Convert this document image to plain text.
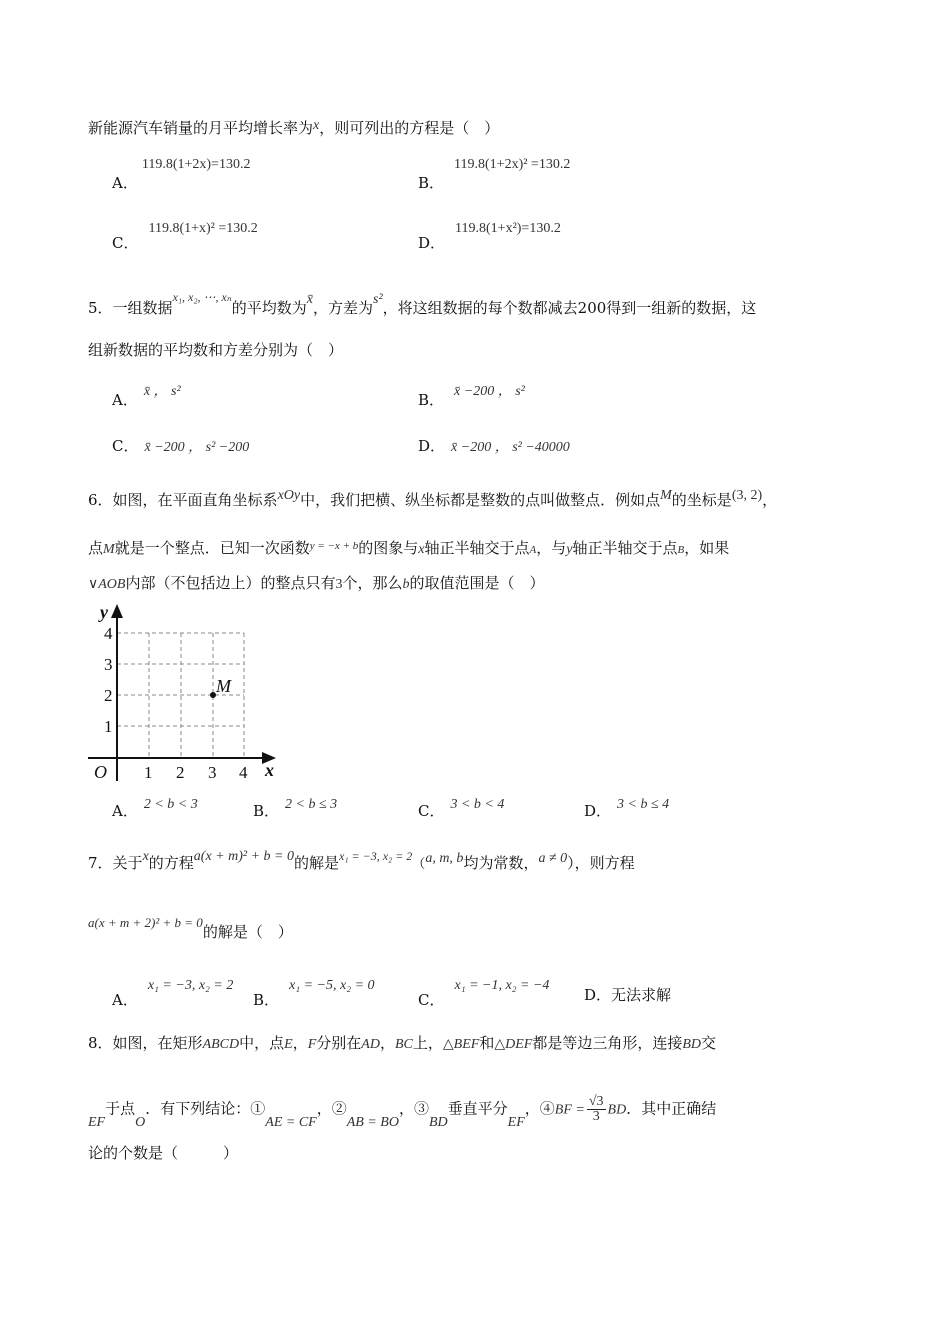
新能源汽车销量的月平均增长率为x，则可列出的方程是（　）
A．119.8(1+2x)=130.2
B．119.8(1+2x)² =130.2
C．119.8(1+x)² =130.2
D．119.8(1+x²)=130.2
5．一组数据x₁, x₂, ⋯, xₙ的平均数为x̄，方差为s²，将这组数据的每个数都减去200得到一组新的数据，这
组新数据的平均数和方差分别为（　）
A． x̄ ， s²	B． x̄ −200 ， s²
C． x̄ −200 ， s² −200	D． x̄ −200 ， s² −40000
6．如图，在平面直角坐标系xOy中，我们把横、纵坐标都是整数的点叫做整点．例如点M的坐标是(3, 2)，
点M就是一个整点．已知一次函数y = −x + b的图象与x轴正半轴交于点A，与y轴正半轴交于点B，如果
∨AOB内部（不包括边上）的整点只有3个，那么b的取值范围是（　）
y
x
O 1 2 3 4
1
2
3
4
M
A． 2 < b < 3	B． 2 < b ≤ 3	C． 3 < b < 4	D． 3 < b ≤ 4
7．关于x的方程a(x + m)² + b = 0的解是x₁ = −3, x₂ = 2（a, m, b均为常数，a ≠ 0），则方程
a(x + m + 2)² + b = 0的解是（　）
A．x₁ = −3, x₂ = 2
B．x₁ = −5, x₂ = 0
C．x₁ = −1, x₂ = −4
D．无法求解
8．如图，在矩形ABCD中，点E，F分别在AD，BC上，△BEF和△DEF都是等边三角形，连接BD交
EF于点O．有下列结论：①AE = CF，②AB = BO，③BD垂直平分EF，④BF = $\frac{√3}{3}$ BD．其中正确结
论的个数是（　　　）
